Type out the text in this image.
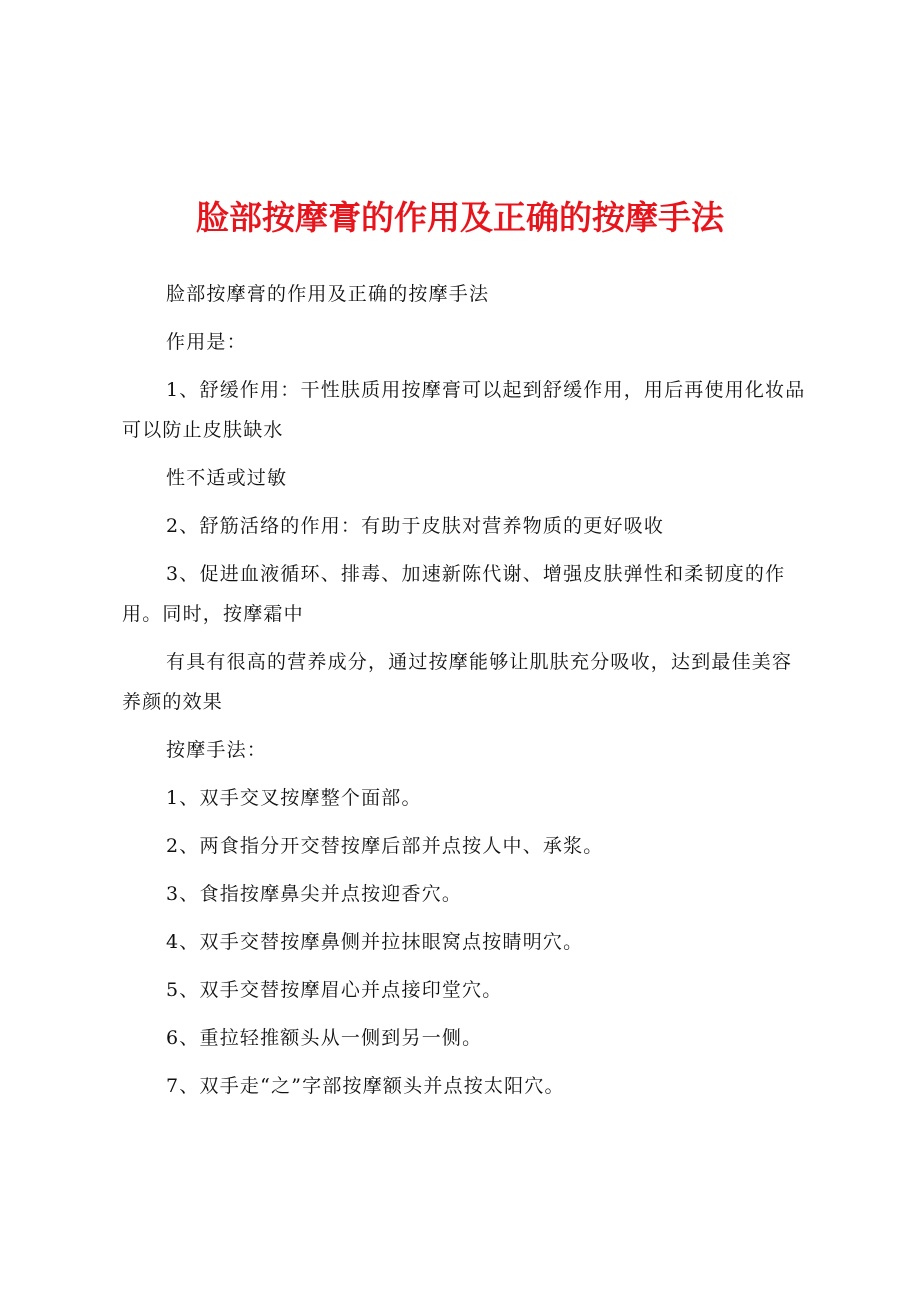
脸部按摩膏的作用及正确的按摩手法

脸部按摩膏的作用及正确的按摩手法

作用是：

1、舒缓作用：干性肤质用按摩膏可以起到舒缓作用，用后再使用化妆品可以防止皮肤缺水

性不适或过敏

2、舒筋活络的作用：有助于皮肤对营养物质的更好吸收

3、促进血液循环、排毒、加速新陈代谢、增强皮肤弹性和柔韧度的作用。同时，按摩霜中

有具有很高的营养成分，通过按摩能够让肌肤充分吸收，达到最佳美容养颜的效果

按摩手法：

1、双手交叉按摩整个面部。

2、两食指分开交替按摩后部并点按人中、承浆。

3、食指按摩鼻尖并点按迎香穴。

4、双手交替按摩鼻侧并拉抹眼窝点按睛明穴。

5、双手交替按摩眉心并点接印堂穴。

6、重拉轻推额头从一侧到另一侧。

7、双手走“之”字部按摩额头并点按太阳穴。
